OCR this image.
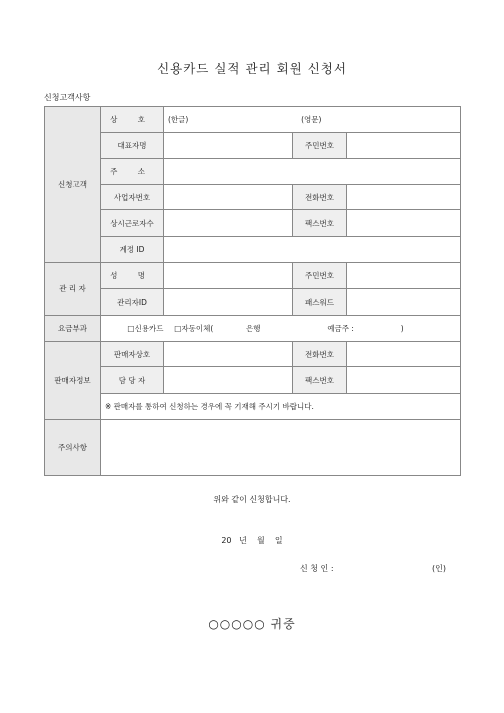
신용카드 실적 관리 회원 신청서
신청고객사항
신청고객	상 호	(한글) (영문)		
	대표자명		주민번호	
	주 소			
	사업자번호		전화번호	
	상시근로자수		팩스번호	
	계정 ID			
관 리 자	성 명		주민번호	
	관리자ID		패스워드	
요금부과	□신용카드 □자동이체( 은행 예금주 : )			
판매자정보	판매자상호		전화번호	
	담 당 자		팩스번호	
	※ 판매자를 통하여 신청하는 경우에 꼭 기재해 주시기 바랍니다.			
주의사항				
위와 같이 신청합니다.
20   년    월    일
신 청 인 :	(인)
○○○○○ 귀중
